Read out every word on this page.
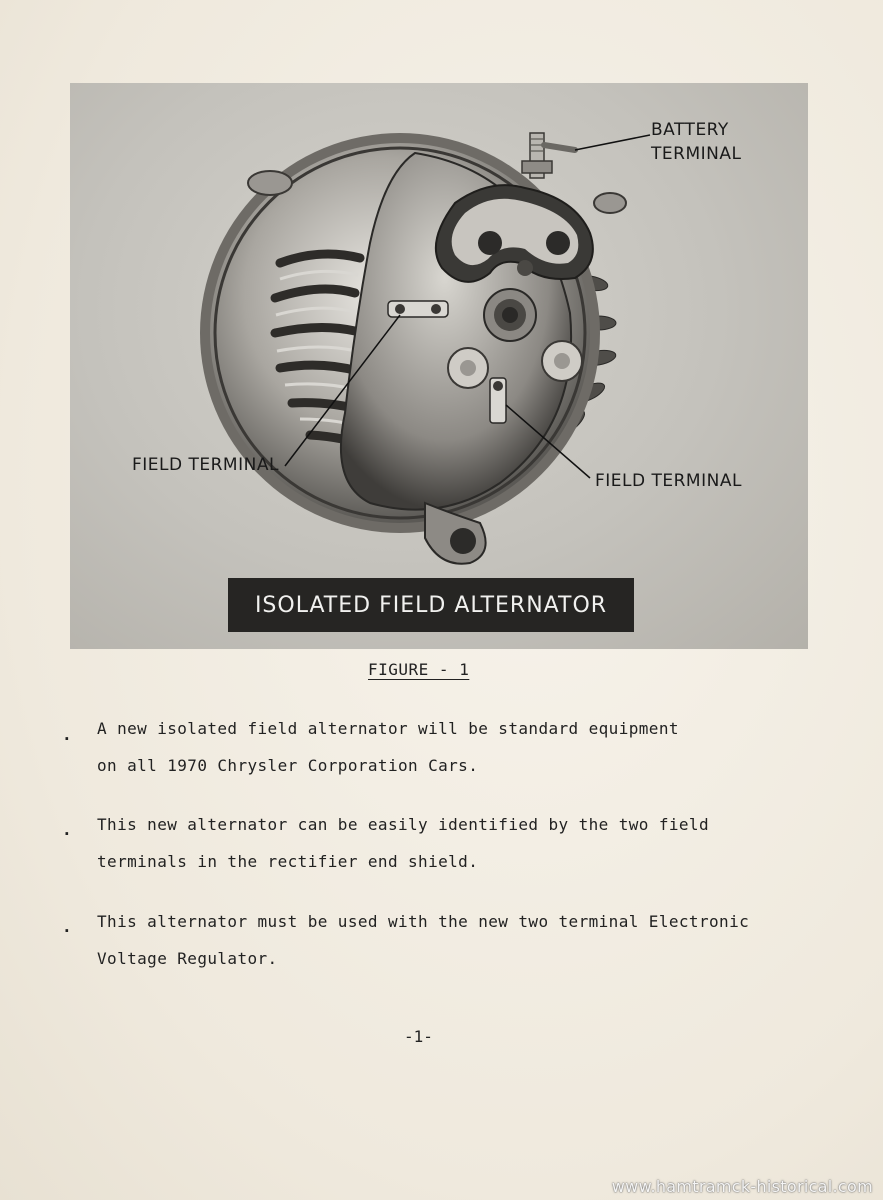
BATTERY
TERMINAL
FIELD TERMINAL
FIELD TERMINAL
ISOLATED FIELD ALTERNATOR
FIGURE - 1
. A new isolated field alternator will be standard equipment
on all 1970 Chrysler Corporation Cars.
. This new alternator can be easily identified by the two field
terminals in the rectifier end shield.
. This alternator must be used with the new two terminal Electronic
Voltage Regulator.
-1-
www.hamtramck-historical.com
